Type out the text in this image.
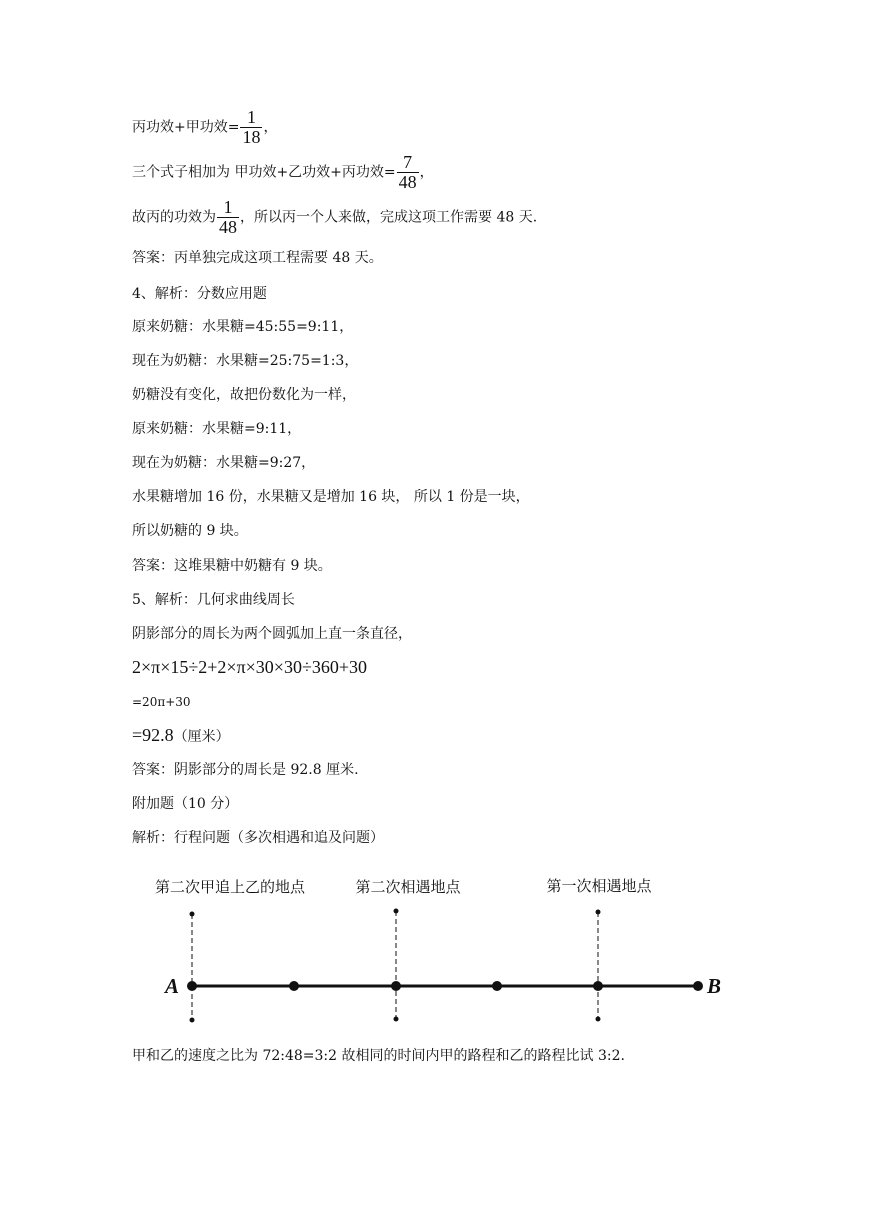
丙功效+甲功效= $\frac{1}{18}$ ，
三个式子相加为 甲功效+乙功效+丙功效= $\frac{7}{48}$ ，
故丙的功效为 $\frac{1}{48}$ ，所以丙一个人来做，完成这项工作需要 48 天.
答案：丙单独完成这项工程需要 48 天。
4、解析：分数应用题
原来奶糖：水果糖=45:55=9:11，
现在为奶糖：水果糖=25:75=1:3，
奶糖没有变化，故把份数化为一样，
原来奶糖：水果糖=9:11，
现在为奶糖：水果糖=9:27，
水果糖增加 16 份，水果糖又是增加 16 块， 所以 1 份是一块，
所以奶糖的 9 块。
答案：这堆果糖中奶糖有 9 块。
5、解析：几何求曲线周长
阴影部分的周长为两个圆弧加上直一条直径，
2×π×15÷2+2×π×30×30÷360+30
=20π+30
=92.8（厘米）
答案：阴影部分的周长是 92.8 厘米.
附加题（10 分）
解析：行程问题（多次相遇和追及问题）
第二次甲追上乙的地点	第二次相遇地点	第一次相遇地点
A	B
甲和乙的速度之比为 72:48=3:2 故相同的时间内甲的路程和乙的路程比试 3:2.
